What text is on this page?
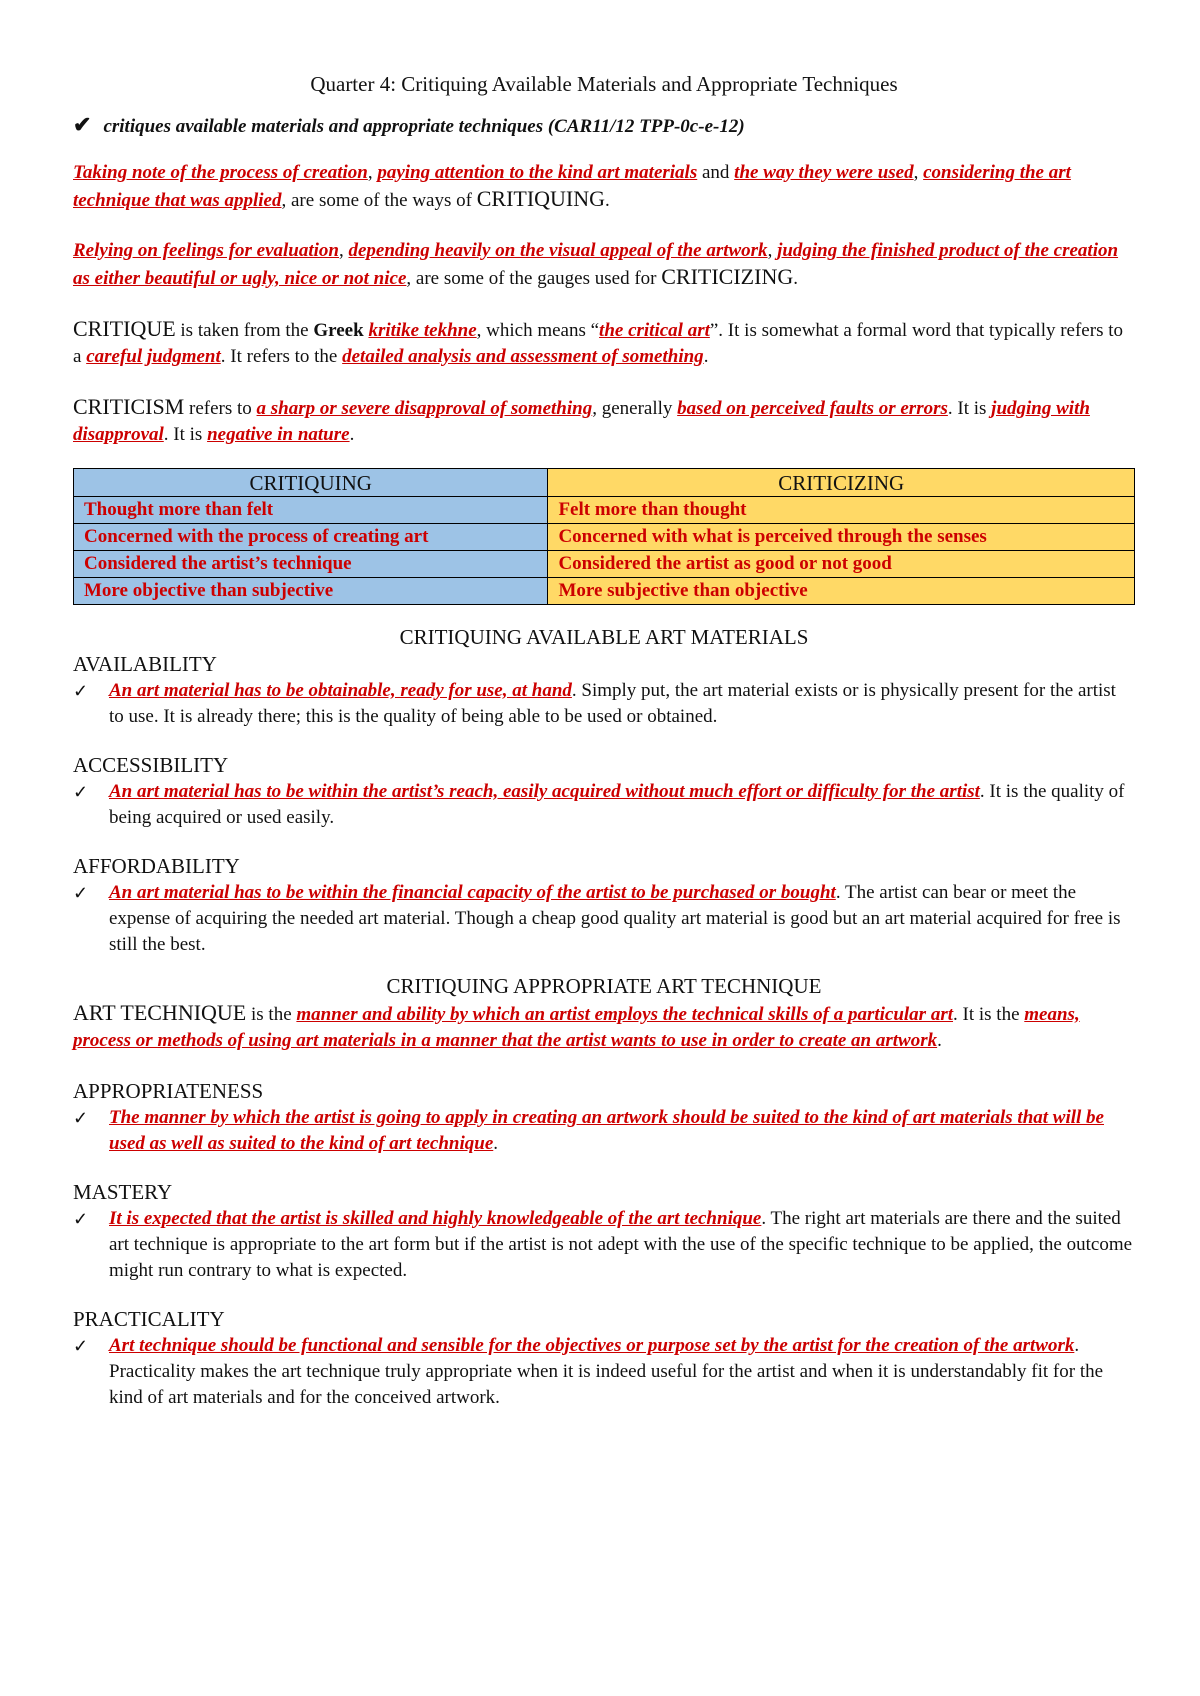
Quarter 4: Critiquing Available Materials and Appropriate Techniques

✔ critiques available materials and appropriate techniques (CAR11/12 TPP-0c-e-12)

Taking note of the process of creation, paying attention to the kind art materials and the way they were used, considering the art technique that was applied, are some of the ways of CRITIQUING.

Relying on feelings for evaluation, depending heavily on the visual appeal of the artwork, judging the finished product of the creation as either beautiful or ugly, nice or not nice, are some of the gauges used for CRITICIZING.

CRITIQUE is taken from the Greek kritike tekhne, which means “the critical art”. It is somewhat a formal word that typically refers to a careful judgment. It refers to the detailed analysis and assessment of something.

CRITICISM refers to a sharp or severe disapproval of something, generally based on perceived faults or errors. It is judging with disapproval. It is negative in nature.

CRITIQUING	CRITICIZING
Thought more than felt	Felt more than thought
Concerned with the process of creating art	Concerned with what is perceived through the senses
Considered the artist’s technique	Considered the artist as good or not good
More objective than subjective	More subjective than objective

CRITIQUING AVAILABLE ART MATERIALS

AVAILABILITY

✓	An art material has to be obtainable, ready for use, at hand. Simply put, the art material exists or is physically present for the artist to use. It is already there; this is the quality of being able to be used or obtained.

ACCESSIBILITY

✓	An art material has to be within the artist’s reach, easily acquired without much effort or difficulty for the artist. It is the quality of being acquired or used easily.

AFFORDABILITY

✓	An art material has to be within the financial capacity of the artist to be purchased or bought. The artist can bear or meet the expense of acquiring the needed art material. Though a cheap good quality art material is good but an art material acquired for free is still the best.

CRITIQUING APPROPRIATE ART TECHNIQUE

ART TECHNIQUE is the manner and ability by which an artist employs the technical skills of a particular art. It is the means, process or methods of using art materials in a manner that the artist wants to use in order to create an artwork.

APPROPRIATENESS

✓	The manner by which the artist is going to apply in creating an artwork should be suited to the kind of art materials that will be used as well as suited to the kind of art technique.

MASTERY

✓	It is expected that the artist is skilled and highly knowledgeable of the art technique. The right art materials are there and the suited art technique is appropriate to the art form but if the artist is not adept with the use of the specific technique to be applied, the outcome might run contrary to what is expected.

PRACTICALITY

✓	Art technique should be functional and sensible for the objectives or purpose set by the artist for the creation of the artwork. Practicality makes the art technique truly appropriate when it is indeed useful for the artist and when it is understandably fit for the kind of art materials and for the conceived artwork.
